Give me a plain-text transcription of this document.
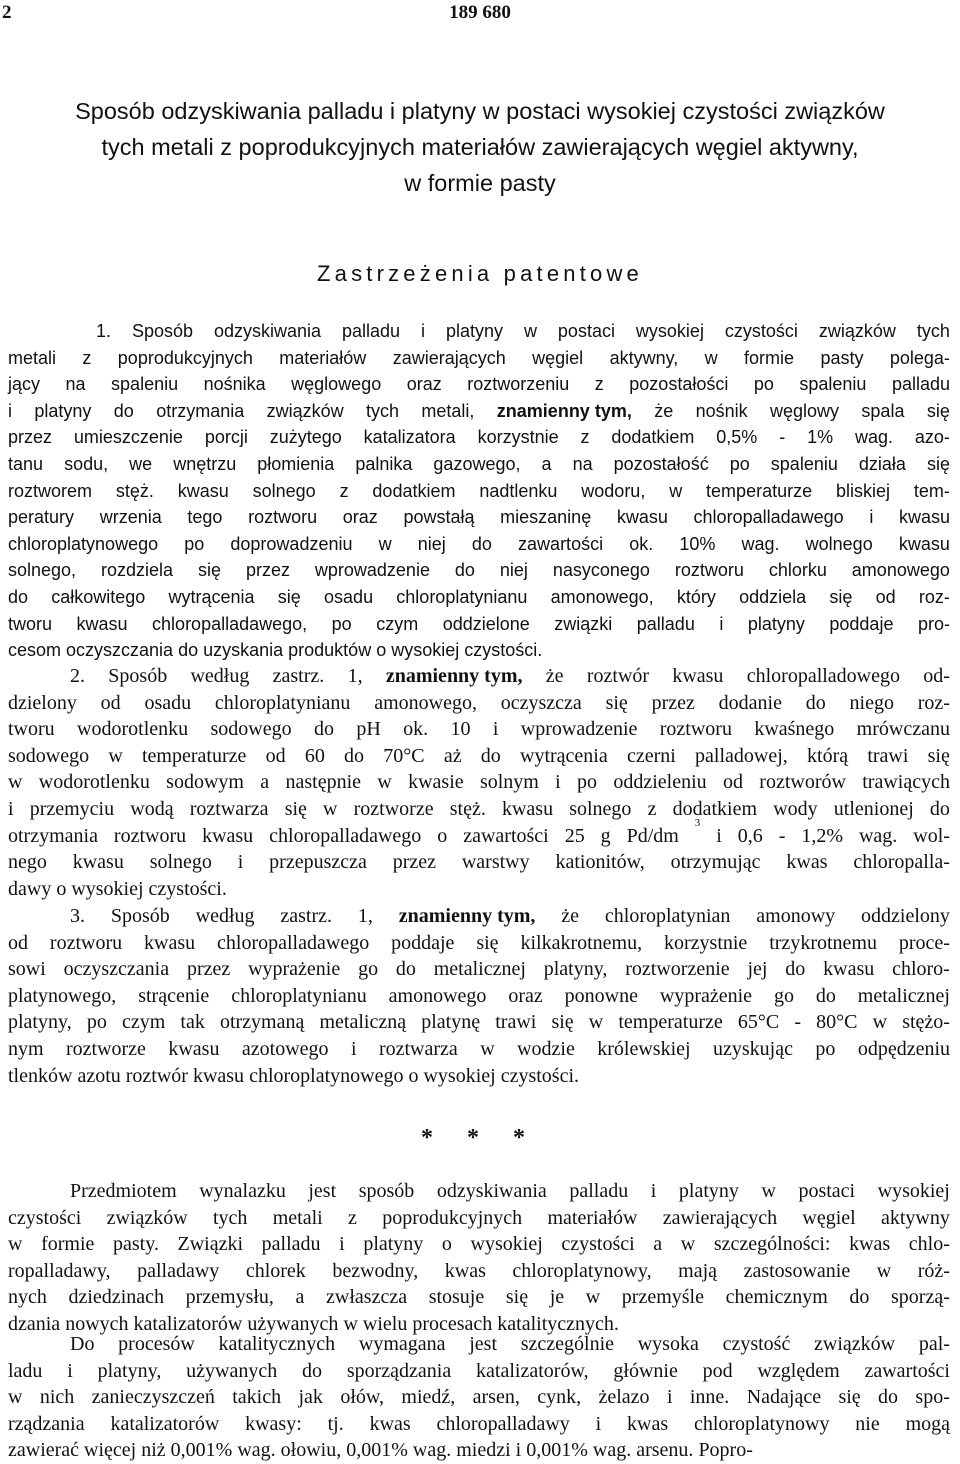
2	189 680
Sposób odzyskiwania palladu i platyny w postaci wysokiej czystości związków
tych metali z poprodukcyjnych materiałów zawierających węgiel aktywny,
w formie pasty
Zastrzeżenia patentowe
1. Sposób odzyskiwania palladu i platyny w postaci wysokiej czystości związków tych
metali z poprodukcyjnych materiałów zawierających węgiel aktywny, w formie pasty polega-
jący na spaleniu nośnika węglowego oraz roztworzeniu z pozostałości po spaleniu palladu
i platyny do otrzymania związków tych metali, znamienny tym, że nośnik węglowy spala się
przez umieszczenie porcji zużytego katalizatora korzystnie z dodatkiem 0,5% - 1% wag. azo-
tanu sodu, we wnętrzu płomienia palnika gazowego, a na pozostałość po spaleniu działa się
roztworem stęż. kwasu solnego z dodatkiem nadtlenku wodoru, w temperaturze bliskiej tem-
peratury wrzenia tego roztworu oraz powstałą mieszaninę kwasu chloropalladawego i kwasu
chloroplatynowego po doprowadzeniu w niej do zawartości ok. 10% wag. wolnego kwasu
solnego, rozdziela się przez wprowadzenie do niej nasyconego roztworu chlorku amonowego
do całkowitego wytrącenia się osadu chloroplatynianu amonowego, który oddziela się od roz-
tworu kwasu chloropalladawego, po czym oddzielone związki palladu i platyny poddaje pro-
cesom oczyszczania do uzyskania produktów o wysokiej czystości.
2. Sposób według zastrz. 1, znamienny tym, że roztwór kwasu chloropalladowego od-
dzielony od osadu chloroplatynianu amonowego, oczyszcza się przez dodanie do niego roz-
tworu wodorotlenku sodowego do pH ok. 10 i wprowadzenie roztworu kwaśnego mrówczanu
sodowego w temperaturze od 60 do 70°C aż do wytrącenia czerni palladowej, którą trawi się
w wodorotlenku sodowym a następnie w kwasie solnym i po oddzieleniu od roztworów trawiących
i przemyciu wodą roztwarza się w roztworze stęż. kwasu solnego z dodatkiem wody utlenionej do
otrzymania roztworu kwasu chloropalladawego o zawartości 25 g Pd/dm
3
i 0,6 - 1,2% wag. wol-
nego kwasu solnego i przepuszcza przez warstwy kationitów, otrzymując kwas chloropalla-
dawy o wysokiej czystości.
3. Sposób według zastrz. 1, znamienny tym, że chloroplatynian amonowy oddzielony
od roztworu kwasu chloropalladawego poddaje się kilkakrotnemu, korzystnie trzykrotnemu proce-
sowi oczyszczania przez wyprażenie go do metalicznej platyny, roztworzenie jej do kwasu chloro-
platynowego, strącenie chloroplatynianu amonowego oraz ponowne wyprażenie go do metalicznej
platyny, po czym tak otrzymaną metaliczną platynę trawi się w temperaturze 65°C - 80°C w stężo-
nym roztworze kwasu azotowego i roztwarza w wodzie królewskiej uzyskując po odpędzeniu
tlenków azotu roztwór kwasu chloroplatynowego o wysokiej czystości.
* * *
Przedmiotem wynalazku jest sposób odzyskiwania palladu i platyny w postaci wysokiej
czystości związków tych metali z poprodukcyjnych materiałów zawierających węgiel aktywny
w formie pasty. Związki palladu i platyny o wysokiej czystości a w szczególności: kwas chlo-
ropalladawy, palladawy chlorek bezwodny, kwas chloroplatynowy, mają zastosowanie w róż-
nych dziedzinach przemysłu, a zwłaszcza stosuje się je w przemyśle chemicznym do sporzą-
dzania nowych katalizatorów używanych w wielu procesach katalitycznych.
Do procesów katalitycznych wymagana jest szczególnie wysoka czystość związków pal-
ladu i platyny, używanych do sporządzania katalizatorów, głównie pod względem zawartości
w nich zanieczyszczeń takich jak ołów, miedź, arsen, cynk, żelazo i inne. Nadające się do spo-
rządzania katalizatorów kwasy: tj. kwas chloropalladawy i kwas chloroplatynowy nie mogą
zawierać więcej niż 0,001% wag. ołowiu, 0,001% wag. miedzi i 0,001% wag. arsenu. Popro-
